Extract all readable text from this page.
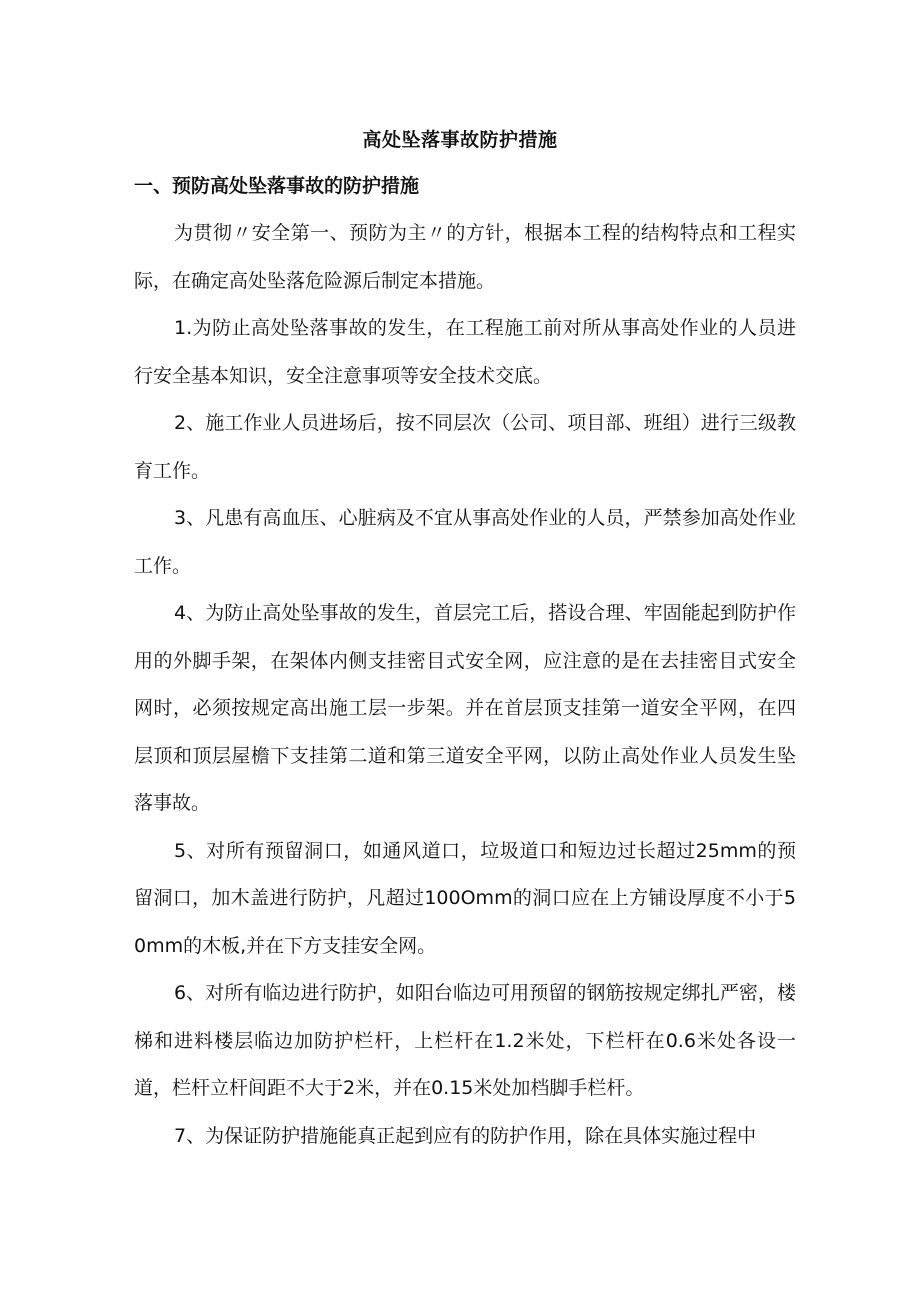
高处坠落事故防护措施
一、预防高处坠落事故的防护措施

为贯彻〃安全第一、预防为主〃的方针，根据本工程的结构特点和工程实际，在确定高处坠落危险源后制定本措施。

1.为防止高处坠落事故的发生，在工程施工前对所从事高处作业的人员进行安全基本知识，安全注意事项等安全技术交底。

2、施工作业人员进场后，按不同层次（公司、项目部、班组）进行三级教育工作。

3、凡患有高血压、心脏病及不宜从事高处作业的人员，严禁参加高处作业工作。

4、为防止高处坠事故的发生，首层完工后，搭设合理、牢固能起到防护作用的外脚手架，在架体内侧支挂密目式安全网，应注意的是在去挂密目式安全网时，必须按规定高出施工层一步架。并在首层顶支挂第一道安全平网，在四层顶和顶层屋檐下支挂第二道和第三道安全平网，以防止高处作业人员发生坠落事故。

5、对所有预留洞口，如通风道口，垃圾道口和短边过长超过25mm的预留洞口，加木盖进行防护，凡超过100Omm的洞口应在上方铺设厚度不小于50mm的木板,并在下方支挂安全网。

6、对所有临边进行防护，如阳台临边可用预留的钢筋按规定绑扎严密，楼梯和进料楼层临边加防护栏杆，上栏杆在1.2米处，下栏杆在0.6米处各设一道，栏杆立杆间距不大于2米，并在0.15米处加档脚手栏杆。

7、为保证防护措施能真正起到应有的防护作用，除在具体实施过程中
